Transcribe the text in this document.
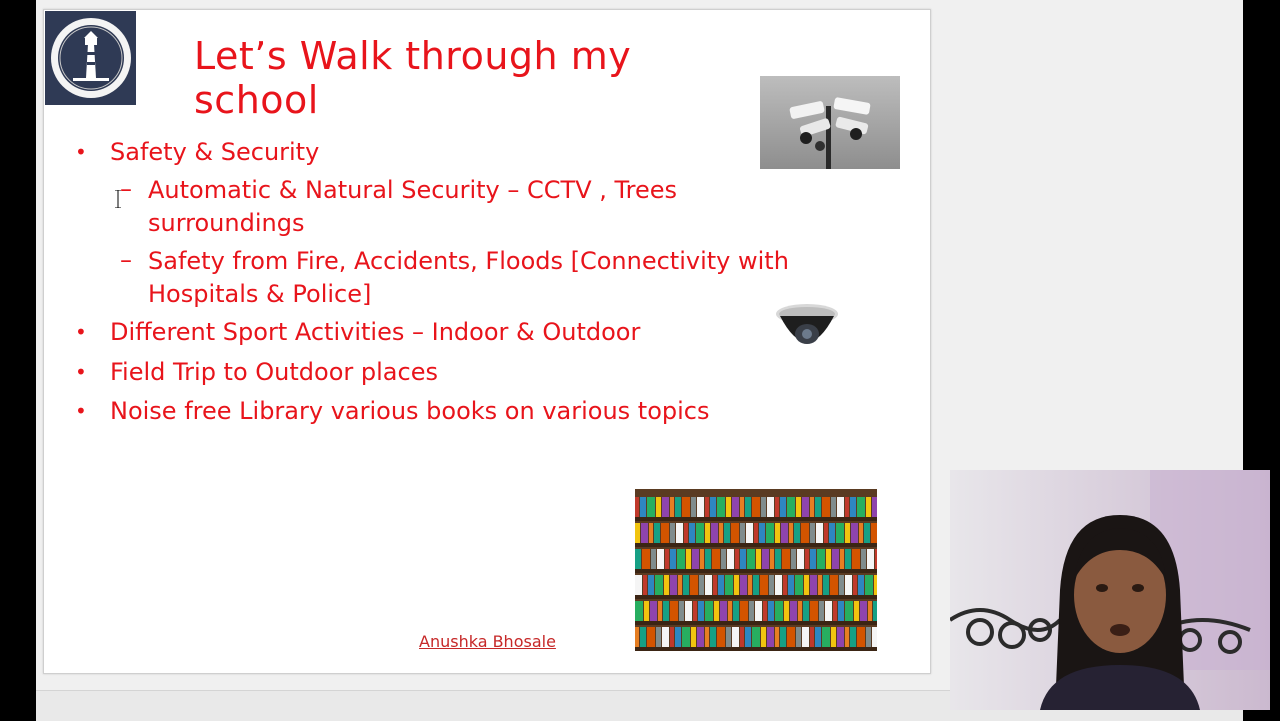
Let’s Walk through my school
Anushka Bhosale
• Safety & Security
– Automatic & Natural Security – CCTV , Trees
surroundings
– Safety from Fire, Accidents, Floods [Connectivity with
Hospitals & Police]
• Different Sport Activities – Indoor & Outdoor
• Field Trip to Outdoor places
• Noise free Library various books on various topics
